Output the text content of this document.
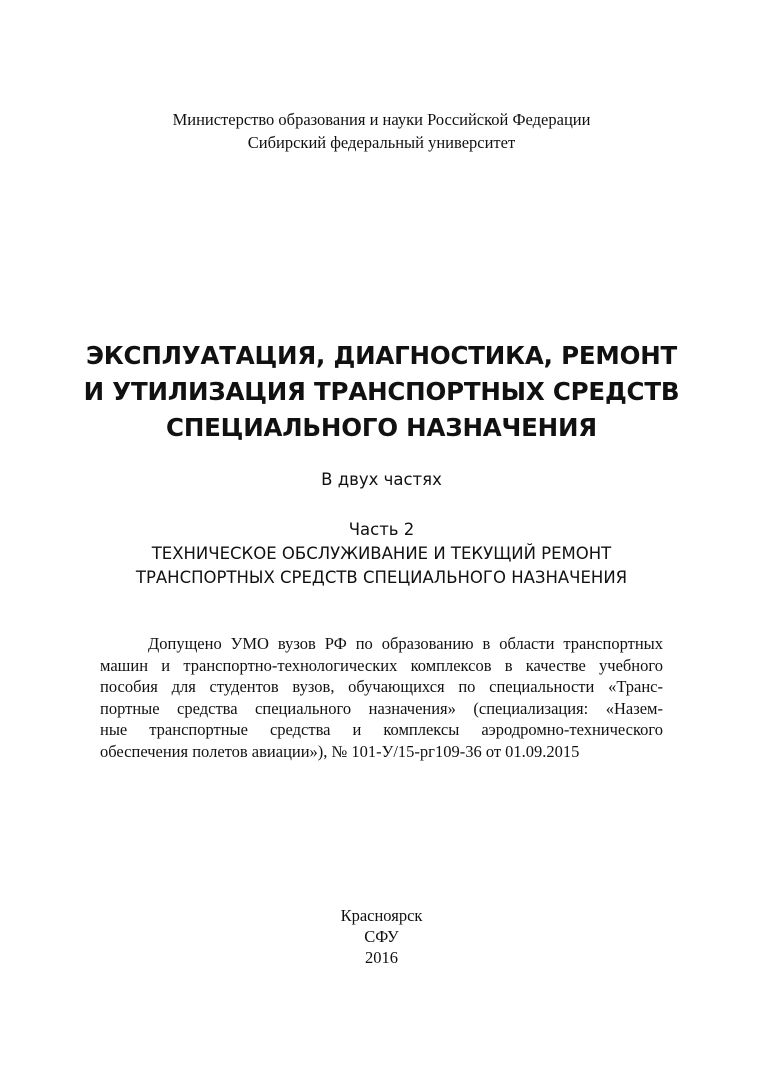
Министерство образования и науки Российской Федерации
Сибирский федеральный университет
ЭКСПЛУАТАЦИЯ, ДИАГНОСТИКА, РЕМОНТ
И УТИЛИЗАЦИЯ ТРАНСПОРТНЫХ СРЕДСТВ
СПЕЦИАЛЬНОГО НАЗНАЧЕНИЯ
В двух частях
Часть 2
ТЕХНИЧЕСКОЕ ОБСЛУЖИВАНИЕ И ТЕКУЩИЙ РЕМОНТ
ТРАНСПОРТНЫХ СРЕДСТВ СПЕЦИАЛЬНОГО НАЗНАЧЕНИЯ
Допущено УМО вузов РФ по образованию в области транспортных
машин и транспортно-технологических комплексов в качестве учебного
пособия для студентов вузов, обучающихся по специальности «Транс-
портные средства специального назначения» (специализация: «Назем-
ные транспортные средства и комплексы аэродромно-технического
обеспечения полетов авиации»), № 101-У/15-рг109-36 от 01.09.2015
Красноярск
СФУ
2016
